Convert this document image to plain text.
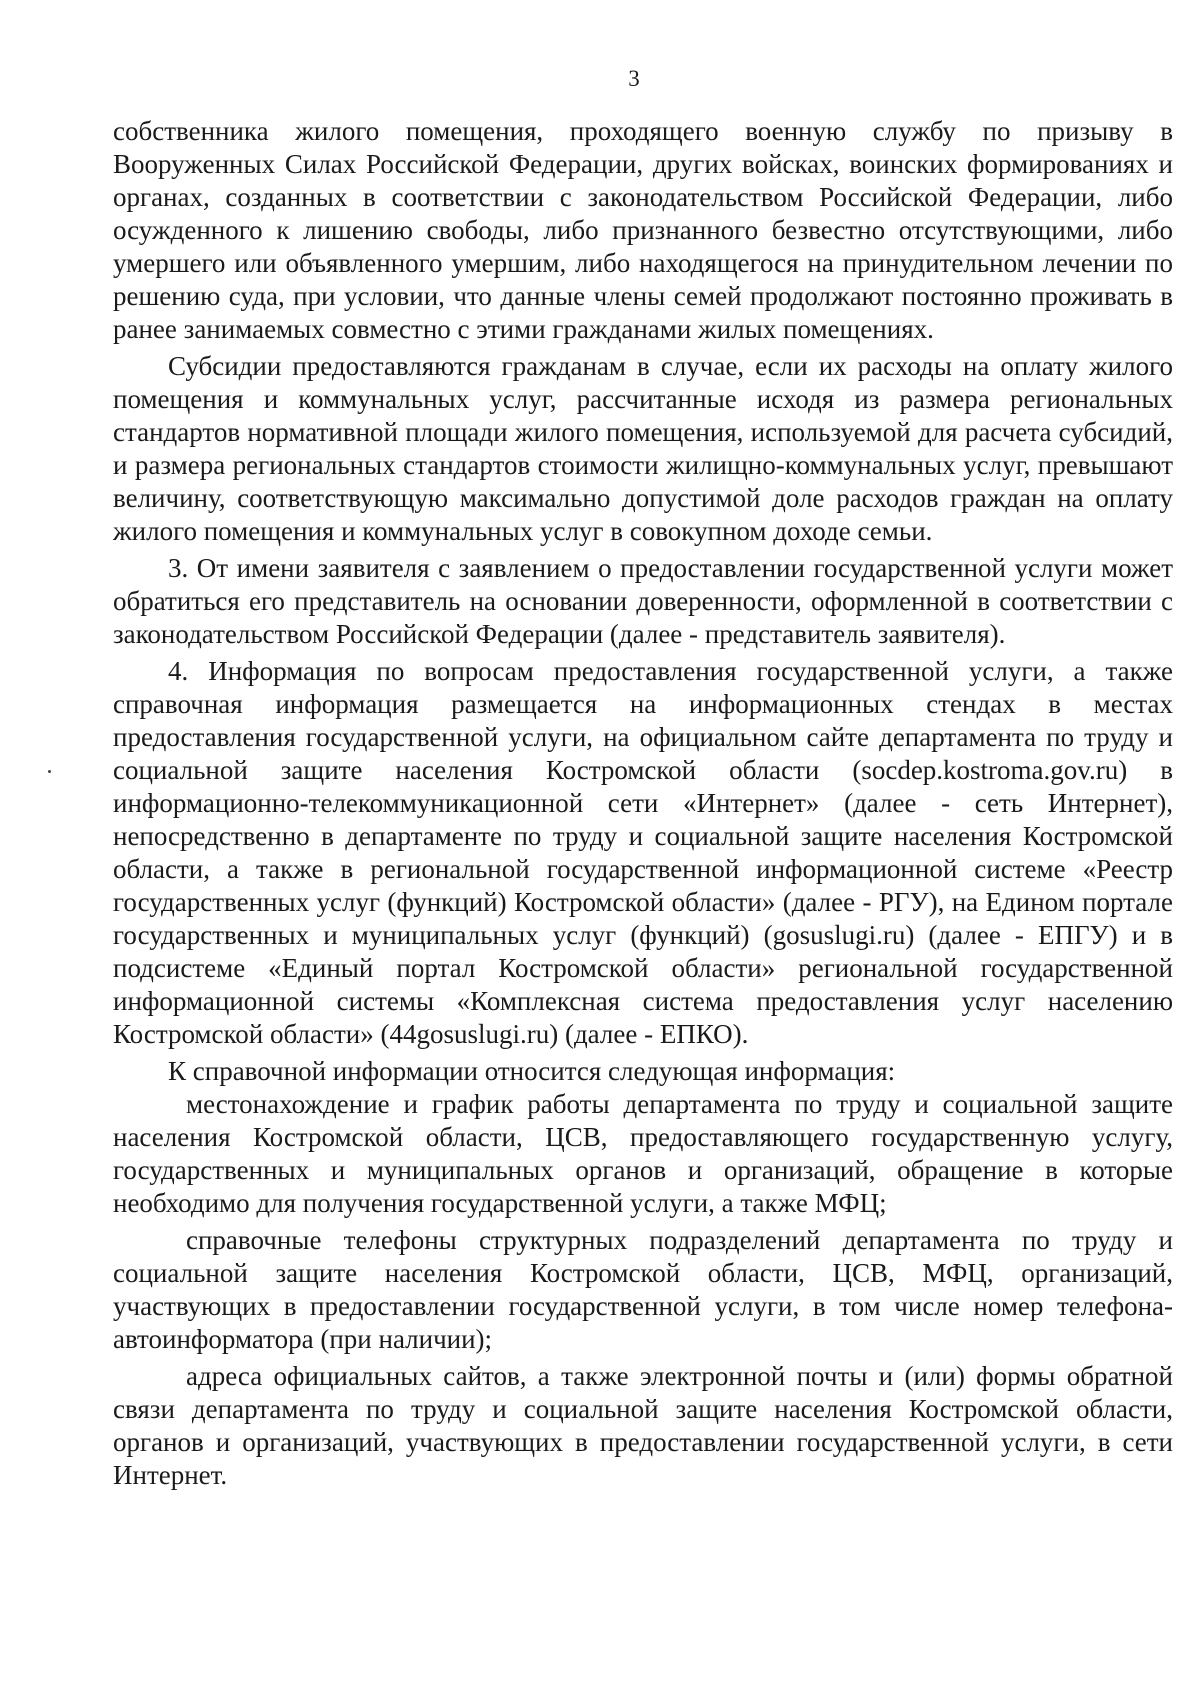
3

собственника жилого помещения, проходящего военную службу по призыву в Вооруженных Силах Российской Федерации, других войсках, воинских формированиях и органах, созданных в соответствии с законодательством Российской Федерации, либо осужденного к лишению свободы, либо признанного безвестно отсутствующими, либо умершего или объявленного умершим, либо находящегося на принудительном лечении по решению суда, при условии, что данные члены семей продолжают постоянно проживать в ранее занимаемых совместно с этими гражданами жилых помещениях.

Субсидии предоставляются гражданам в случае, если их расходы на оплату жилого помещения и коммунальных услуг, рассчитанные исходя из размера региональных стандартов нормативной площади жилого помещения, используемой для расчета субсидий, и размера региональных стандартов стоимости жилищно-коммунальных услуг, превышают величину, соответствующую максимально допустимой доле расходов граждан на оплату жилого помещения и коммунальных услуг в совокупном доходе семьи.

3. От имени заявителя с заявлением о предоставлении государственной услуги может обратиться его представитель на основании доверенности, оформленной в соответствии с законодательством Российской Федерации (далее - представитель заявителя).

4. Информация по вопросам предоставления государственной услуги, а также справочная информация размещается на информационных стендах в местах предоставления государственной услуги, на официальном сайте департамента по труду и социальной защите населения Костромской области (socdep.kostroma.gov.ru) в информационно-телекоммуникационной сети «Интернет» (далее - сеть Интернет), непосредственно в департаменте по труду и социальной защите населения Костромской области, а также в региональной государственной информационной системе «Реестр государственных услуг (функций) Костромской области» (далее - РГУ), на Едином портале государственных и муниципальных услуг (функций) (gosuslugi.ru) (далее - ЕПГУ) и в подсистеме «Единый портал Костромской области» региональной государственной информационной системы «Комплексная система предоставления услуг населению Костромской области» (44gosuslugi.ru) (далее - ЕПКО).

К справочной информации относится следующая информация:

местонахождение и график работы департамента по труду и социальной защите населения Костромской области, ЦСВ, предоставляющего государственную услугу, государственных и муниципальных органов и организаций, обращение в которые необходимо для получения государственной услуги, а также МФЦ;

справочные телефоны структурных подразделений департамента по труду и социальной защите населения Костромской области, ЦСВ, МФЦ, организаций, участвующих в предоставлении государственной услуги, в том числе номер телефона-автоинформатора (при наличии);

адреса официальных сайтов, а также электронной почты и (или) формы обратной связи департамента по труду и социальной защите населения Костромской области, органов и организаций, участвующих в предоставлении государственной услуги, в сети Интернет.
